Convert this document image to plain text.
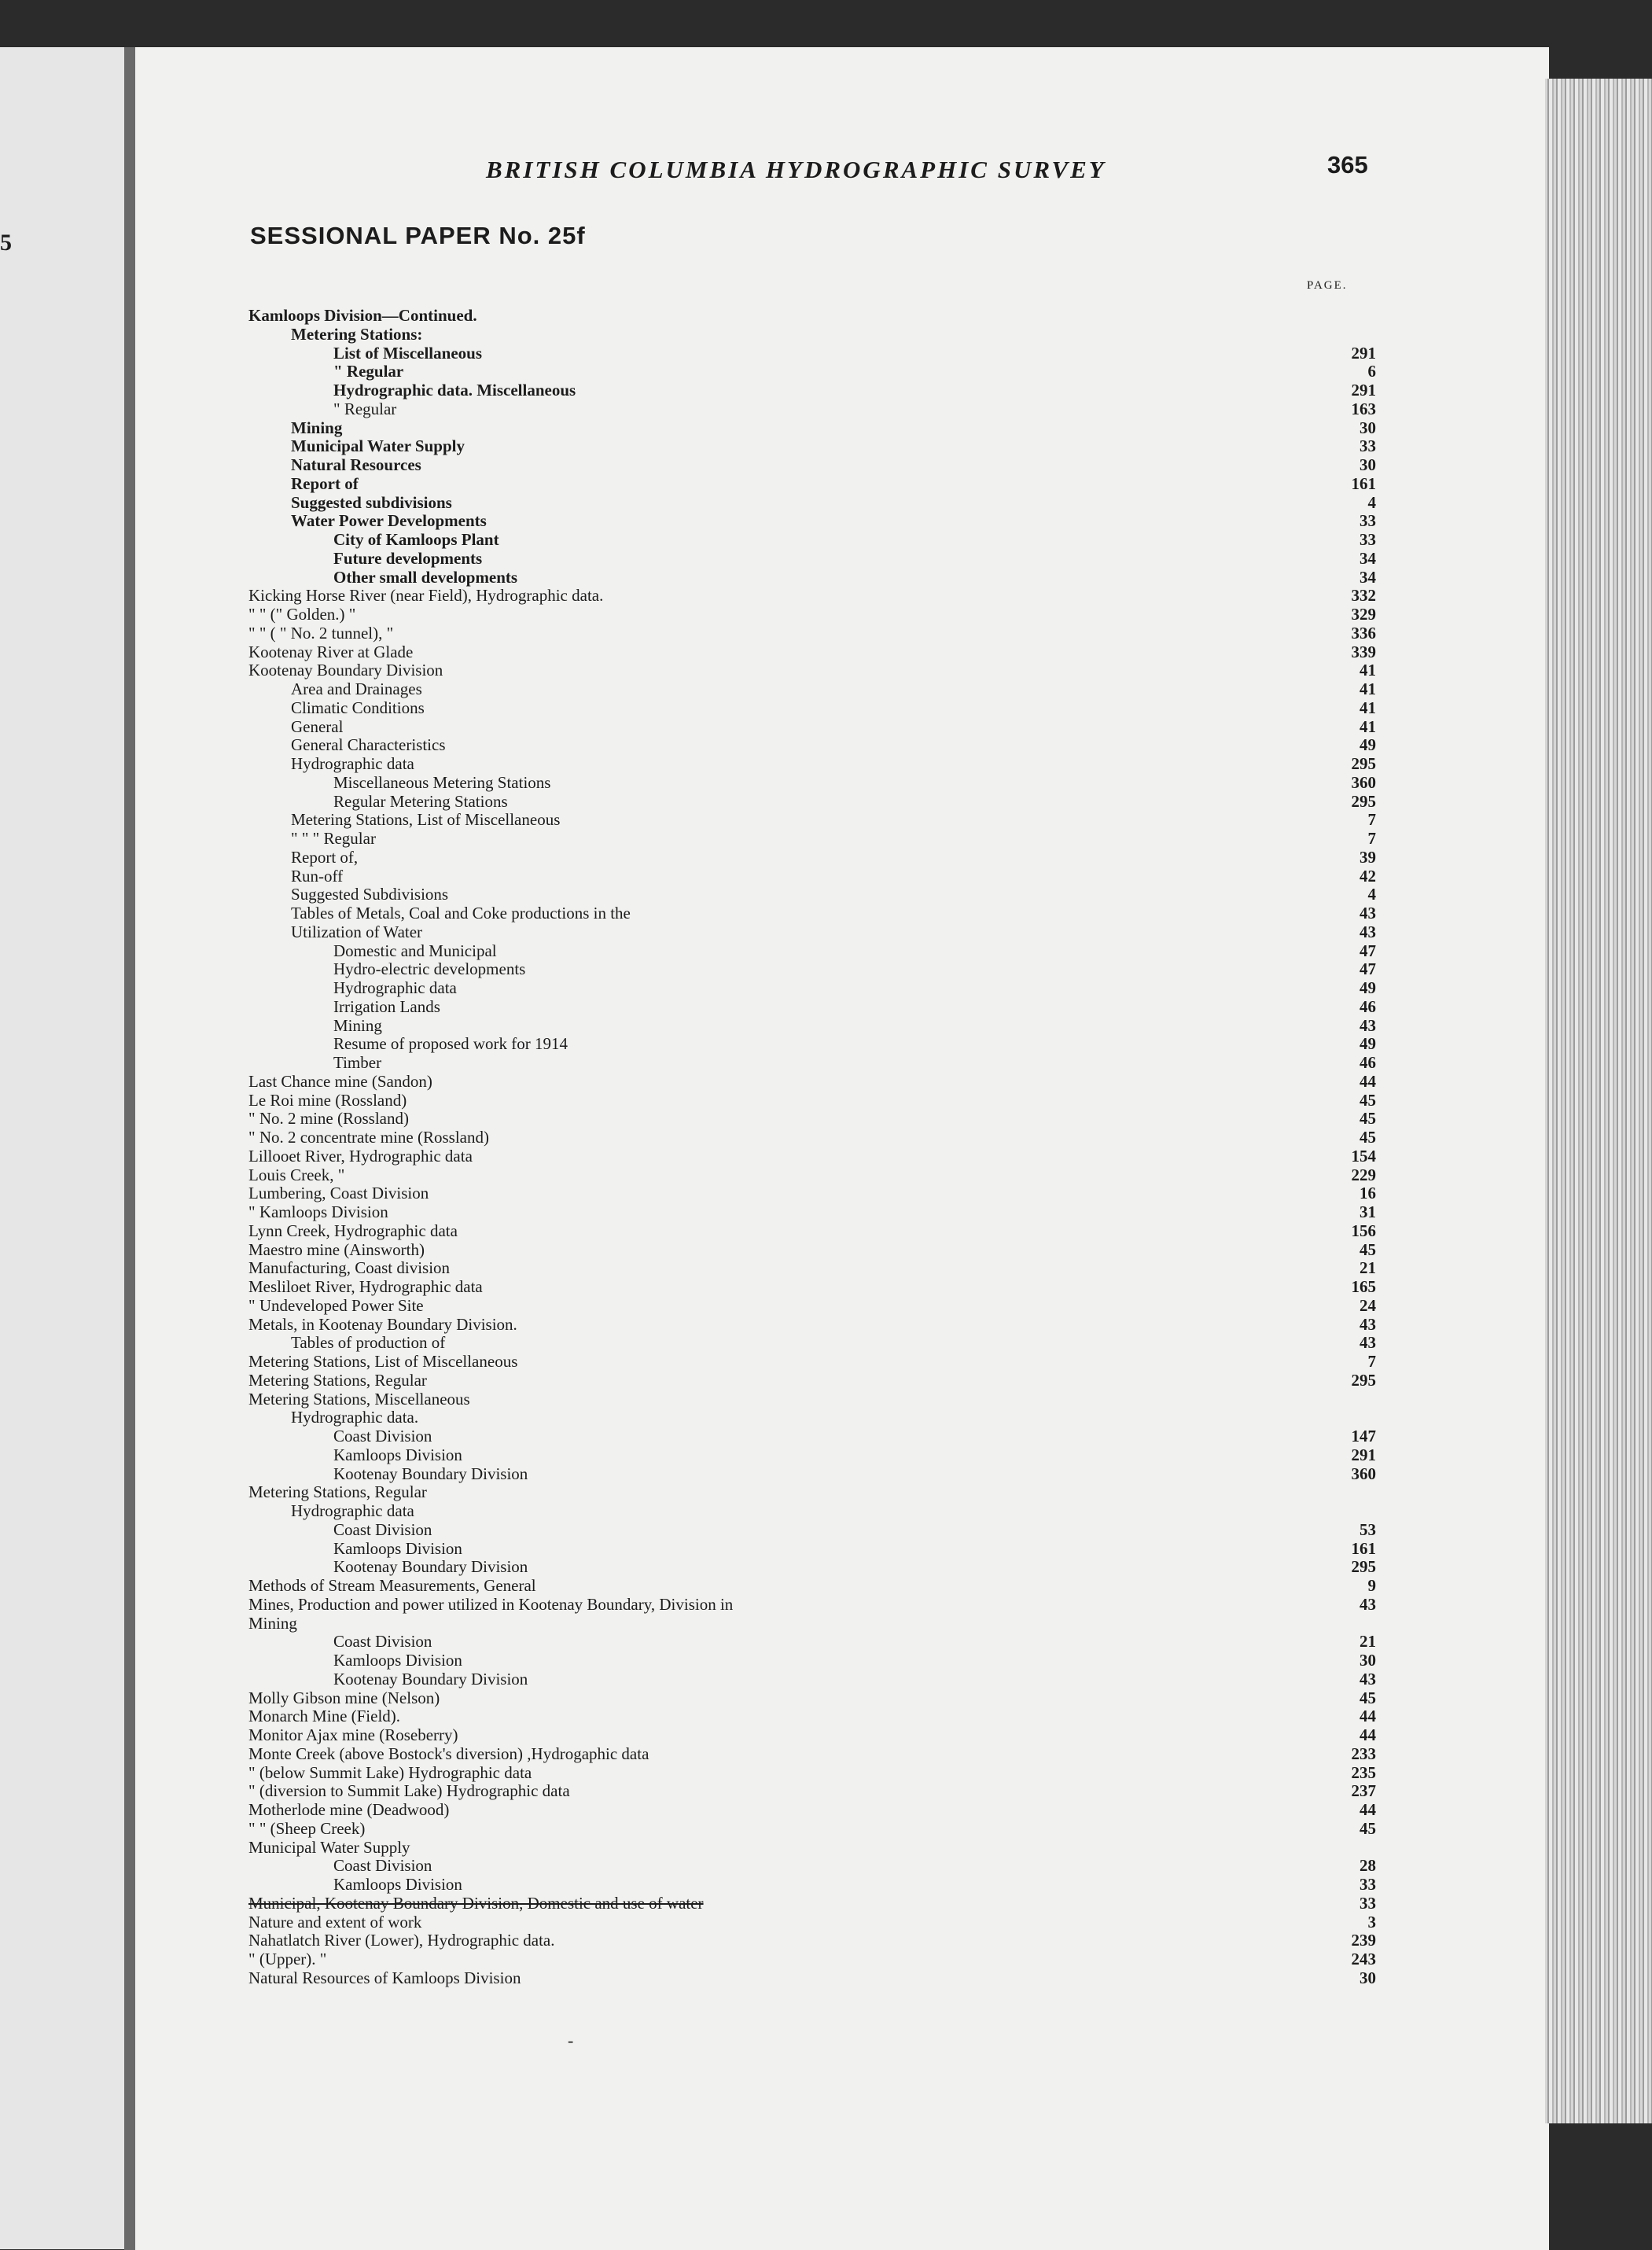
5
BRITISH COLUMBIA HYDROGRAPHIC SURVEY	365
SESSIONAL PAPER No. 25f
PAGE.
Kamloops Division—Continued.
Metering Stations:
List of Miscellaneous	291
" Regular	6
Hydrographic data. Miscellaneous	291
" Regular	163
Mining	30
Municipal Water Supply	33
Natural Resources	30
Report of	161
Suggested subdivisions	4
Water Power Developments	33
City of Kamloops Plant	33
Future developments	34
Other small developments	34
Kicking Horse River (near Field), Hydrographic data.	332
" " (" Golden.) "	329
" " ( " No. 2 tunnel), "	336
Kootenay River at Glade	339
Kootenay Boundary Division	41
Area and Drainages	41
Climatic Conditions	41
General	41
General Characteristics	49
Hydrographic data	295
Miscellaneous Metering Stations	360
Regular Metering Stations	295
Metering Stations, List of Miscellaneous	7
" " " Regular	7
Report of,	39
Run-off	42
Suggested Subdivisions	4
Tables of Metals, Coal and Coke productions in the	43
Utilization of Water	43
Domestic and Municipal	47
Hydro-electric developments	47
Hydrographic data	49
Irrigation Lands	46
Mining	43
Resume of proposed work for 1914	49
Timber	46
Last Chance mine (Sandon)	44
Le Roi mine (Rossland)	45
" No. 2 mine (Rossland)	45
" No. 2 concentrate mine (Rossland)	45
Lillooet River, Hydrographic data	154
Louis Creek, "	229
Lumbering, Coast Division	16
" Kamloops Division	31
Lynn Creek, Hydrographic data	156
Maestro mine (Ainsworth)	45
Manufacturing, Coast division	21
Mesliloet River, Hydrographic data	165
" Undeveloped Power Site	24
Metals, in Kootenay Boundary Division.	43
Tables of production of	43
Metering Stations, List of Miscellaneous	7
Metering Stations, Regular	295
Metering Stations, Miscellaneous
Hydrographic data.
Coast Division	147
Kamloops Division	291
Kootenay Boundary Division	360
Metering Stations, Regular
Hydrographic data
Coast Division	53
Kamloops Division	161
Kootenay Boundary Division	295
Methods of Stream Measurements, General	9
Mines, Production and power utilized in Kootenay Boundary, Division in	43
Mining
Coast Division	21
Kamloops Division	30
Kootenay Boundary Division	43
Molly Gibson mine (Nelson)	45
Monarch Mine (Field).	44
Monitor Ajax mine (Roseberry)	44
Monte Creek (above Bostock's diversion) ,Hydrogaphic data	233
" (below Summit Lake) Hydrographic data	235
" (diversion to Summit Lake) Hydrographic data	237
Motherlode mine (Deadwood)	44
" " (Sheep Creek)	45
Municipal Water Supply
Coast Division	28
Kamloops Division	33
Municipal, Kootenay Boundary Division, Domestic and use of water	33
Nature and extent of work	3
Nahatlatch River (Lower), Hydrographic data.	239
" (Upper). "	243
Natural Resources of Kamloops Division	30
-
